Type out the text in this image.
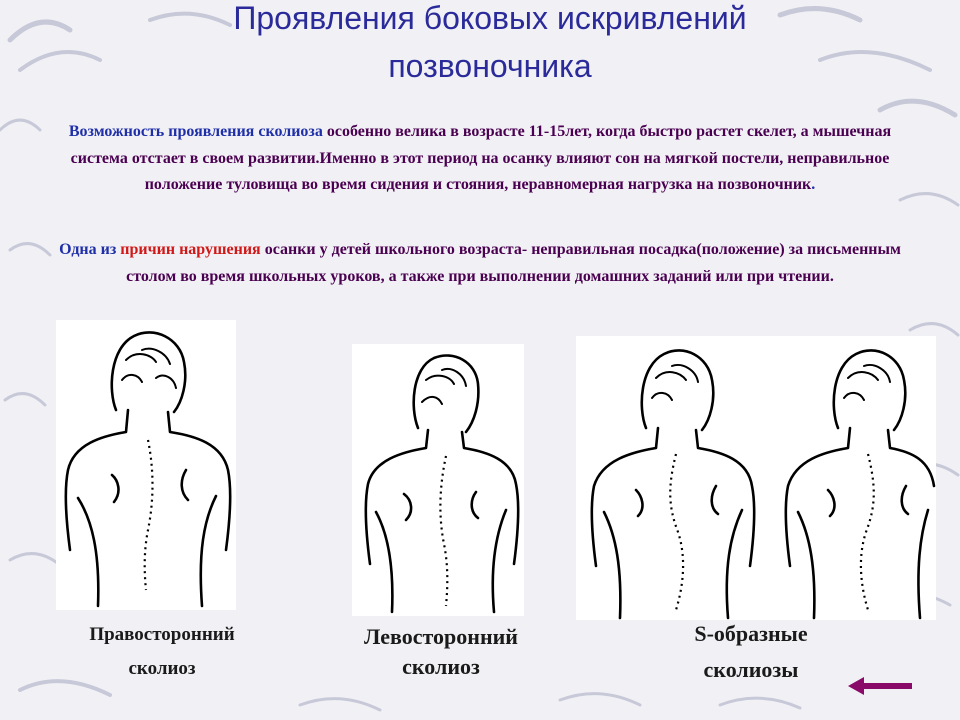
Проявления боковых искривлений
позвоночника

Возможность проявления сколиоза особенно велика в возрасте 11-15лет, когда быстро растет скелет, а мышечная система отстает в своем развитии.Именно в этот период на осанку влияют сон на мягкой постели, неправильное положение туловища во время сидения и стояния, неравномерная нагрузка на позвоночник.

Одна из причин нарушения осанки у детей школьного возраста- неправильная посадка(положение) за письменным столом во время школьных уроков, а также при выполнении домашних заданий или при чтении.

Правосторонний
сколиоз
Левосторонний
сколиоз
S-образные
сколиозы
